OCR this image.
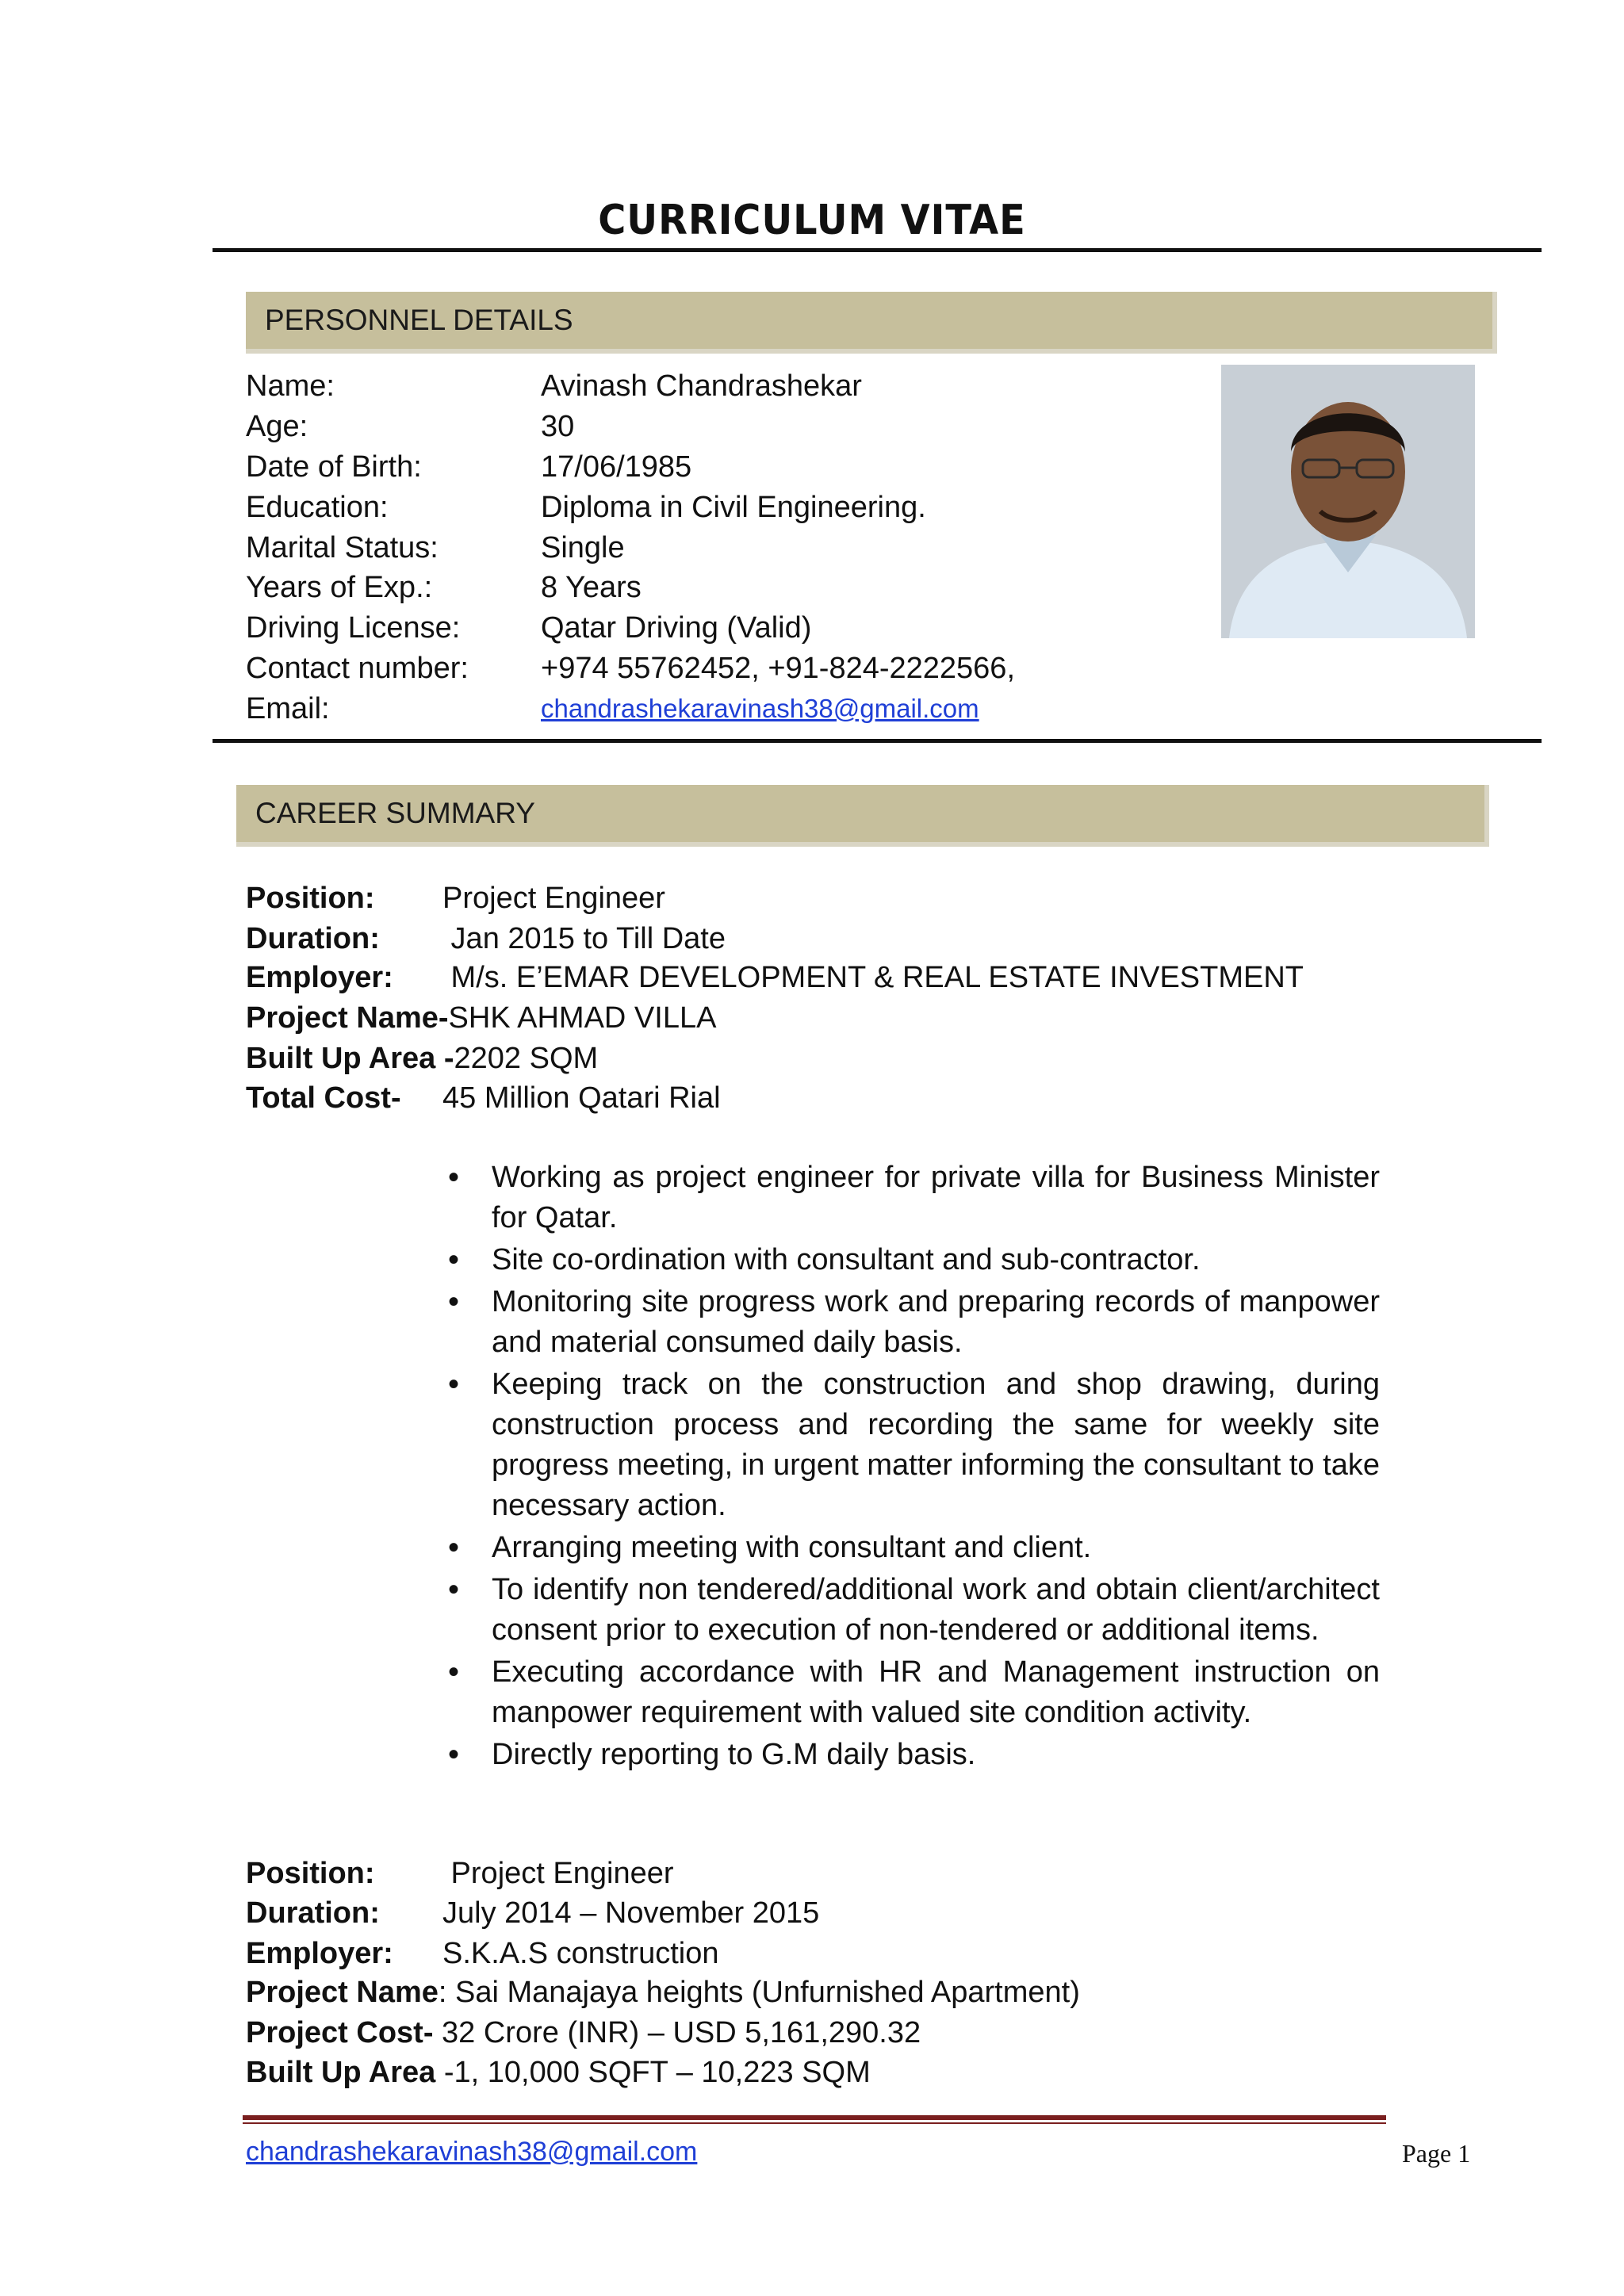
CURRICULUM VITAE
PERSONNEL DETAILS
Name:	Avinash Chandrashekar
Age:	30
Date of Birth:	17/06/1985
Education:	Diploma in Civil Engineering.
Marital Status:	Single
Years of Exp.:	8 Years
Driving License:	Qatar Driving (Valid)
Contact number: +974 55762452, +91-824-2222566,
Email:	chandrashekaravinash38@gmail.com
CAREER SUMMARY
Position: Project Engineer
Duration: Jan 2015 to Till Date
Employer: M/s. E’EMAR DEVELOPMENT & REAL ESTATE INVESTMENT
Project Name-SHK AHMAD VILLA
Built Up Area -2202 SQM
Total Cost- 45 Million Qatari Rial
• Working as project engineer for private villa for Business Minister for Qatar.
• Site co-ordination with consultant and sub-contractor.
• Monitoring site progress work and preparing records of manpower and material consumed daily basis.
• Keeping track on the construction and shop drawing, during construction process and recording the same for weekly site progress meeting, in urgent matter informing the consultant to take necessary action.
• Arranging meeting with consultant and client.
• To identify non tendered/additional work and obtain client/architect consent prior to execution of non-tendered or additional items.
• Executing accordance with HR and Management instruction on manpower requirement with valued site condition activity.
• Directly reporting to G.M daily basis.
Position: Project Engineer
Duration: July 2014 – November 2015
Employer: S.K.A.S construction
Project Name: Sai Manajaya heights (Unfurnished Apartment)
Project Cost- 32 Crore (INR) – USD 5,161,290.32
Built Up Area -1, 10,000 SQFT – 10,223 SQM
chandrashekaravinash38@gmail.com	Page 1
